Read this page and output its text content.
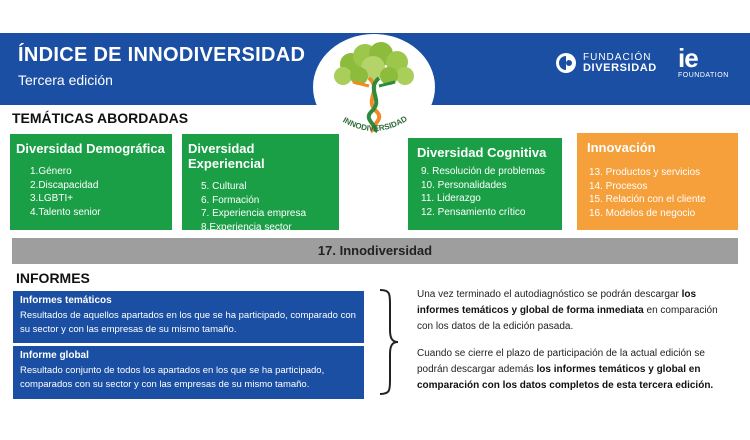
ÍNDICE DE INNODIVERSIDAD
Tercera edición
INNODIVERSIDAD
FUNDACIÓN
DIVERSIDAD ie
FOUNDATION
TEMÁTICAS ABORDADAS
Diversidad Demográfica
1.Género
2.Discapacidad
3.LGBTI+
4.Talento senior
Diversidad Experiencial
5. Cultural
6. Formación
7. Experiencia empresa
8.Experiencia sector
Diversidad Cognitiva
9. Resolución de problemas
10. Personalidades
11. Liderazgo
12. Pensamiento crítico
Innovación
13. Productos y servicios
14. Procesos
15. Relación con el cliente
16. Modelos de negocio
17. Innodiversidad
INFORMES
Informes temáticos
Resultados de aquellos apartados en los que se ha participado, comparado con su sector y con las empresas de su mismo tamaño.
Informe global
Resultado conjunto de todos los apartados en los que se ha participado, comparados con su sector y con las empresas de su mismo tamaño.
Una vez terminado el autodiagnóstico se podrán descargar los informes temáticos y global de forma inmediata en comparación con los datos de la edición pasada.
Cuando se cierre el plazo de participación de la actual edición se podrán descargar además los informes temáticos y global en comparación con los datos completos de esta tercera edición.
